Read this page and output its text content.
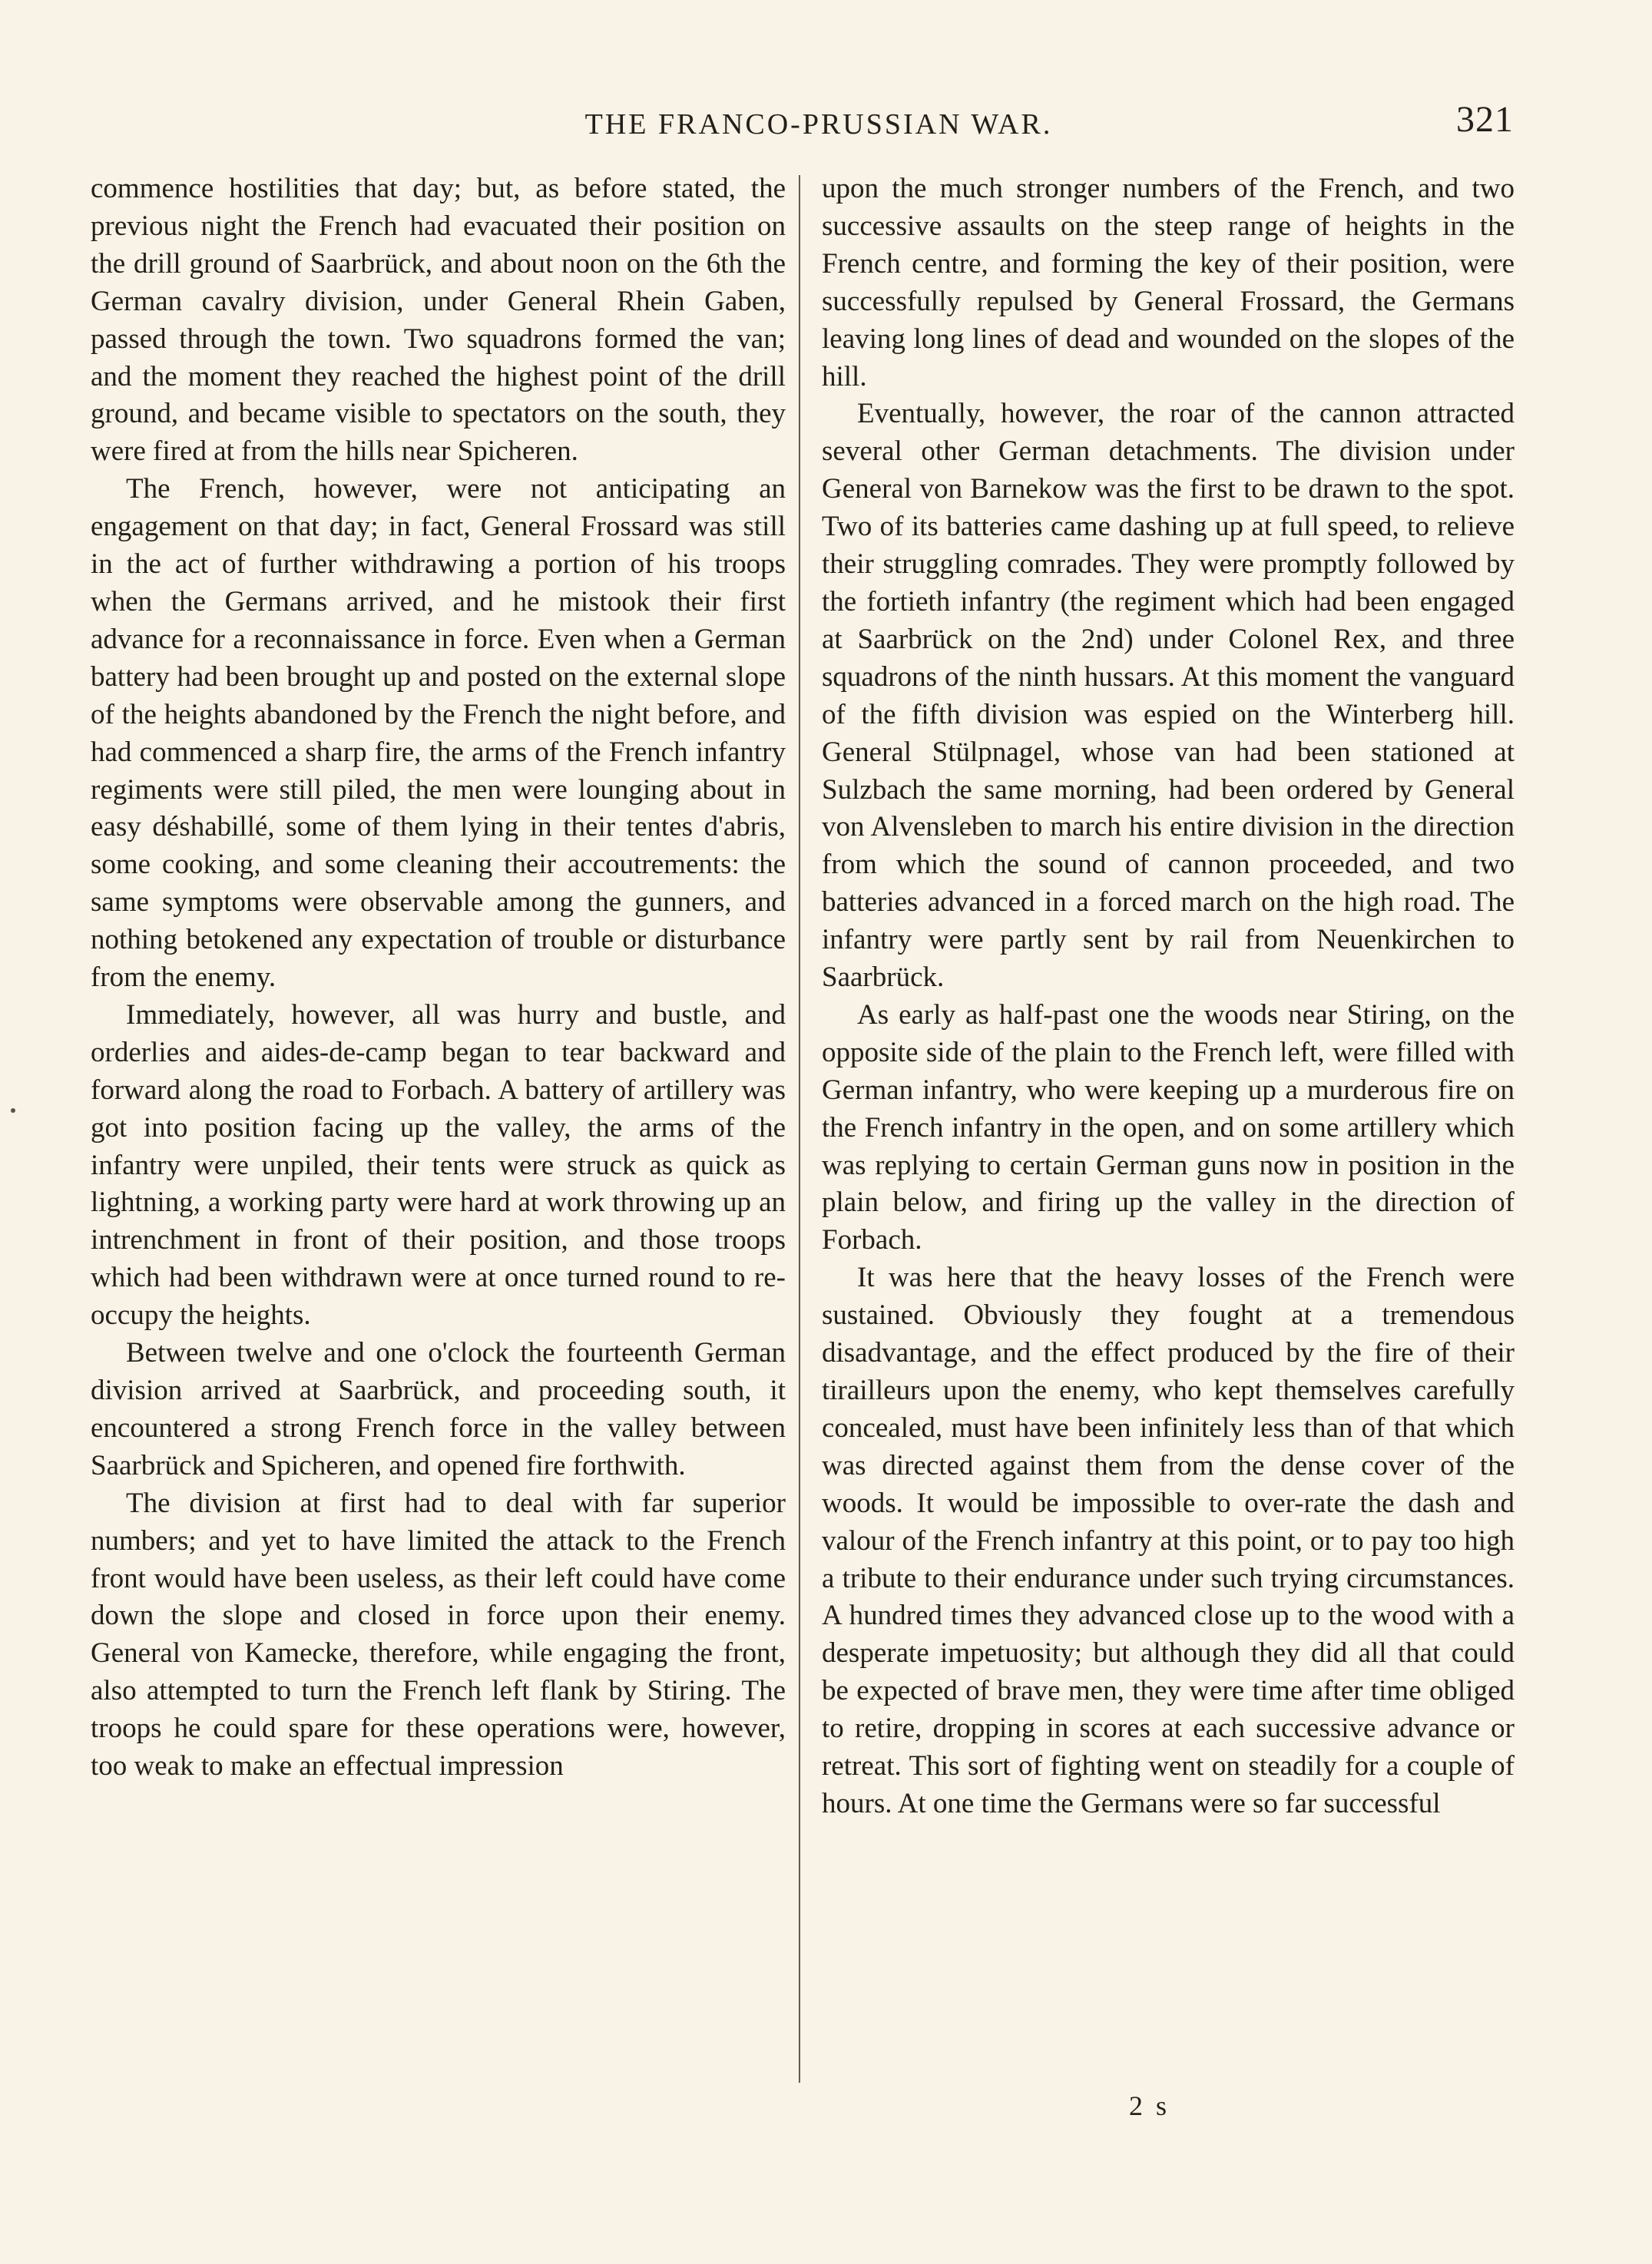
THE FRANCO-PRUSSIAN WAR.	321

commence hostilities that day; but, as before stated, the previous night the French had evacuated their position on the drill ground of Saarbrück, and about noon on the 6th the German cavalry division, under General Rhein Gaben, passed through the town. Two squadrons formed the van; and the moment they reached the highest point of the drill ground, and became visible to spectators on the south, they were fired at from the hills near Spicheren.

The French, however, were not anticipating an engagement on that day; in fact, General Frossard was still in the act of further withdrawing a portion of his troops when the Germans arrived, and he mistook their first advance for a reconnaissance in force. Even when a German battery had been brought up and posted on the external slope of the heights abandoned by the French the night before, and had commenced a sharp fire, the arms of the French infantry regiments were still piled, the men were lounging about in easy déshabillé, some of them lying in their tentes d'abris, some cooking, and some cleaning their accoutrements: the same symptoms were observable among the gunners, and nothing betokened any expectation of trouble or disturbance from the enemy.

Immediately, however, all was hurry and bustle, and orderlies and aides-de-camp began to tear backward and forward along the road to Forbach. A battery of artillery was got into position facing up the valley, the arms of the infantry were unpiled, their tents were struck as quick as lightning, a working party were hard at work throwing up an intrenchment in front of their position, and those troops which had been withdrawn were at once turned round to re-occupy the heights.

Between twelve and one o'clock the fourteenth German division arrived at Saarbrück, and proceeding south, it encountered a strong French force in the valley between Saarbrück and Spicheren, and opened fire forthwith.

The division at first had to deal with far superior numbers; and yet to have limited the attack to the French front would have been useless, as their left could have come down the slope and closed in force upon their enemy. General von Kamecke, therefore, while engaging the front, also attempted to turn the French left flank by Stiring. The troops he could spare for these operations were, however, too weak to make an effectual impression

upon the much stronger numbers of the French, and two successive assaults on the steep range of heights in the French centre, and forming the key of their position, were successfully repulsed by General Frossard, the Germans leaving long lines of dead and wounded on the slopes of the hill.

Eventually, however, the roar of the cannon attracted several other German detachments. The division under General von Barnekow was the first to be drawn to the spot. Two of its batteries came dashing up at full speed, to relieve their struggling comrades. They were promptly followed by the fortieth infantry (the regiment which had been engaged at Saarbrück on the 2nd) under Colonel Rex, and three squadrons of the ninth hussars. At this moment the vanguard of the fifth division was espied on the Winterberg hill. General Stülpnagel, whose van had been stationed at Sulzbach the same morning, had been ordered by General von Alvensleben to march his entire division in the direction from which the sound of cannon proceeded, and two batteries advanced in a forced march on the high road. The infantry were partly sent by rail from Neuenkirchen to Saarbrück.

As early as half-past one the woods near Stiring, on the opposite side of the plain to the French left, were filled with German infantry, who were keeping up a murderous fire on the French infantry in the open, and on some artillery which was replying to certain German guns now in position in the plain below, and firing up the valley in the direction of Forbach.

It was here that the heavy losses of the French were sustained. Obviously they fought at a tremendous disadvantage, and the effect produced by the fire of their tirailleurs upon the enemy, who kept themselves carefully concealed, must have been infinitely less than of that which was directed against them from the dense cover of the woods. It would be impossible to over-rate the dash and valour of the French infantry at this point, or to pay too high a tribute to their endurance under such trying circumstances. A hundred times they advanced close up to the wood with a desperate impetuosity; but although they did all that could be expected of brave men, they were time after time obliged to retire, dropping in scores at each successive advance or retreat. This sort of fighting went on steadily for a couple of hours. At one time the Germans were so far successful

2 s
